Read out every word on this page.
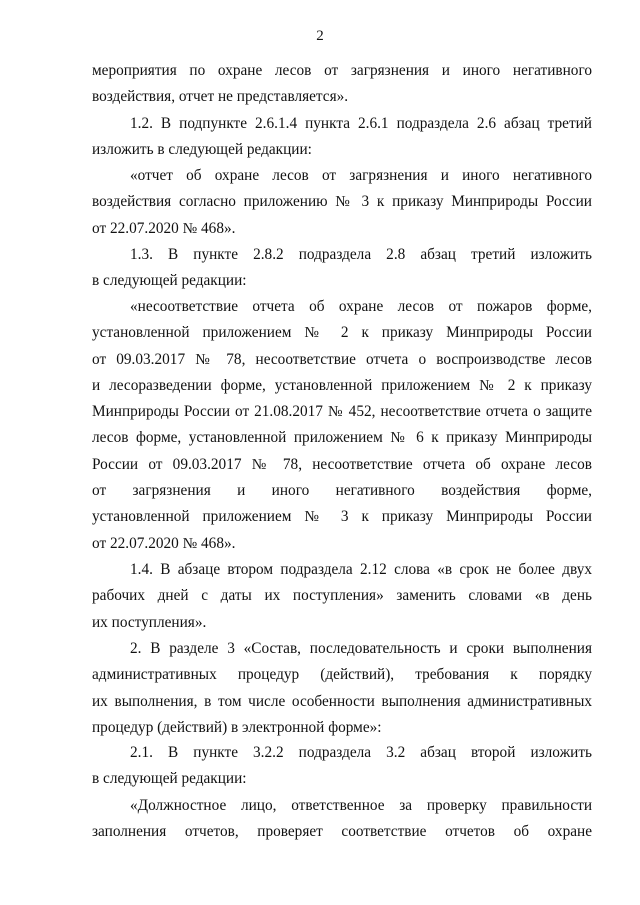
2
мероприятия по охране лесов от загрязнения и иного негативного
воздействия, отчет не представляется».
1.2. В подпункте 2.6.1.4 пункта 2.6.1 подраздела 2.6 абзац третий
изложить в следующей редакции:
«отчет об охране лесов от загрязнения и иного негативного
воздействия согласно приложению № 3 к приказу Минприроды России
от 22.07.2020 № 468».
1.3. В пункте 2.8.2 подраздела 2.8 абзац третий изложить
в следующей редакции:
«несоответствие отчета об охране лесов от пожаров форме,
установленной приложением № 2 к приказу Минприроды России
от 09.03.2017 № 78, несоответствие отчета о воспроизводстве лесов
и лесоразведении форме, установленной приложением № 2 к приказу
Минприроды России от 21.08.2017 № 452, несоответствие отчета о защите
лесов форме, установленной приложением № 6 к приказу Минприроды
России от 09.03.2017 № 78, несоответствие отчета об охране лесов
от загрязнения и иного негативного воздействия форме,
установленной приложением № 3 к приказу Минприроды России
от 22.07.2020 № 468».
1.4. В абзаце втором подраздела 2.12 слова «в срок не более двух
рабочих дней с даты их поступления» заменить словами «в день
их поступления».
2. В разделе 3 «Состав, последовательность и сроки выполнения
административных процедур (действий), требования к порядку
их выполнения, в том числе особенности выполнения административных
процедур (действий) в электронной форме»:
2.1. В пункте 3.2.2 подраздела 3.2 абзац второй изложить
в следующей редакции:
«Должностное лицо, ответственное за проверку правильности
заполнения отчетов, проверяет соответствие отчетов об охране
